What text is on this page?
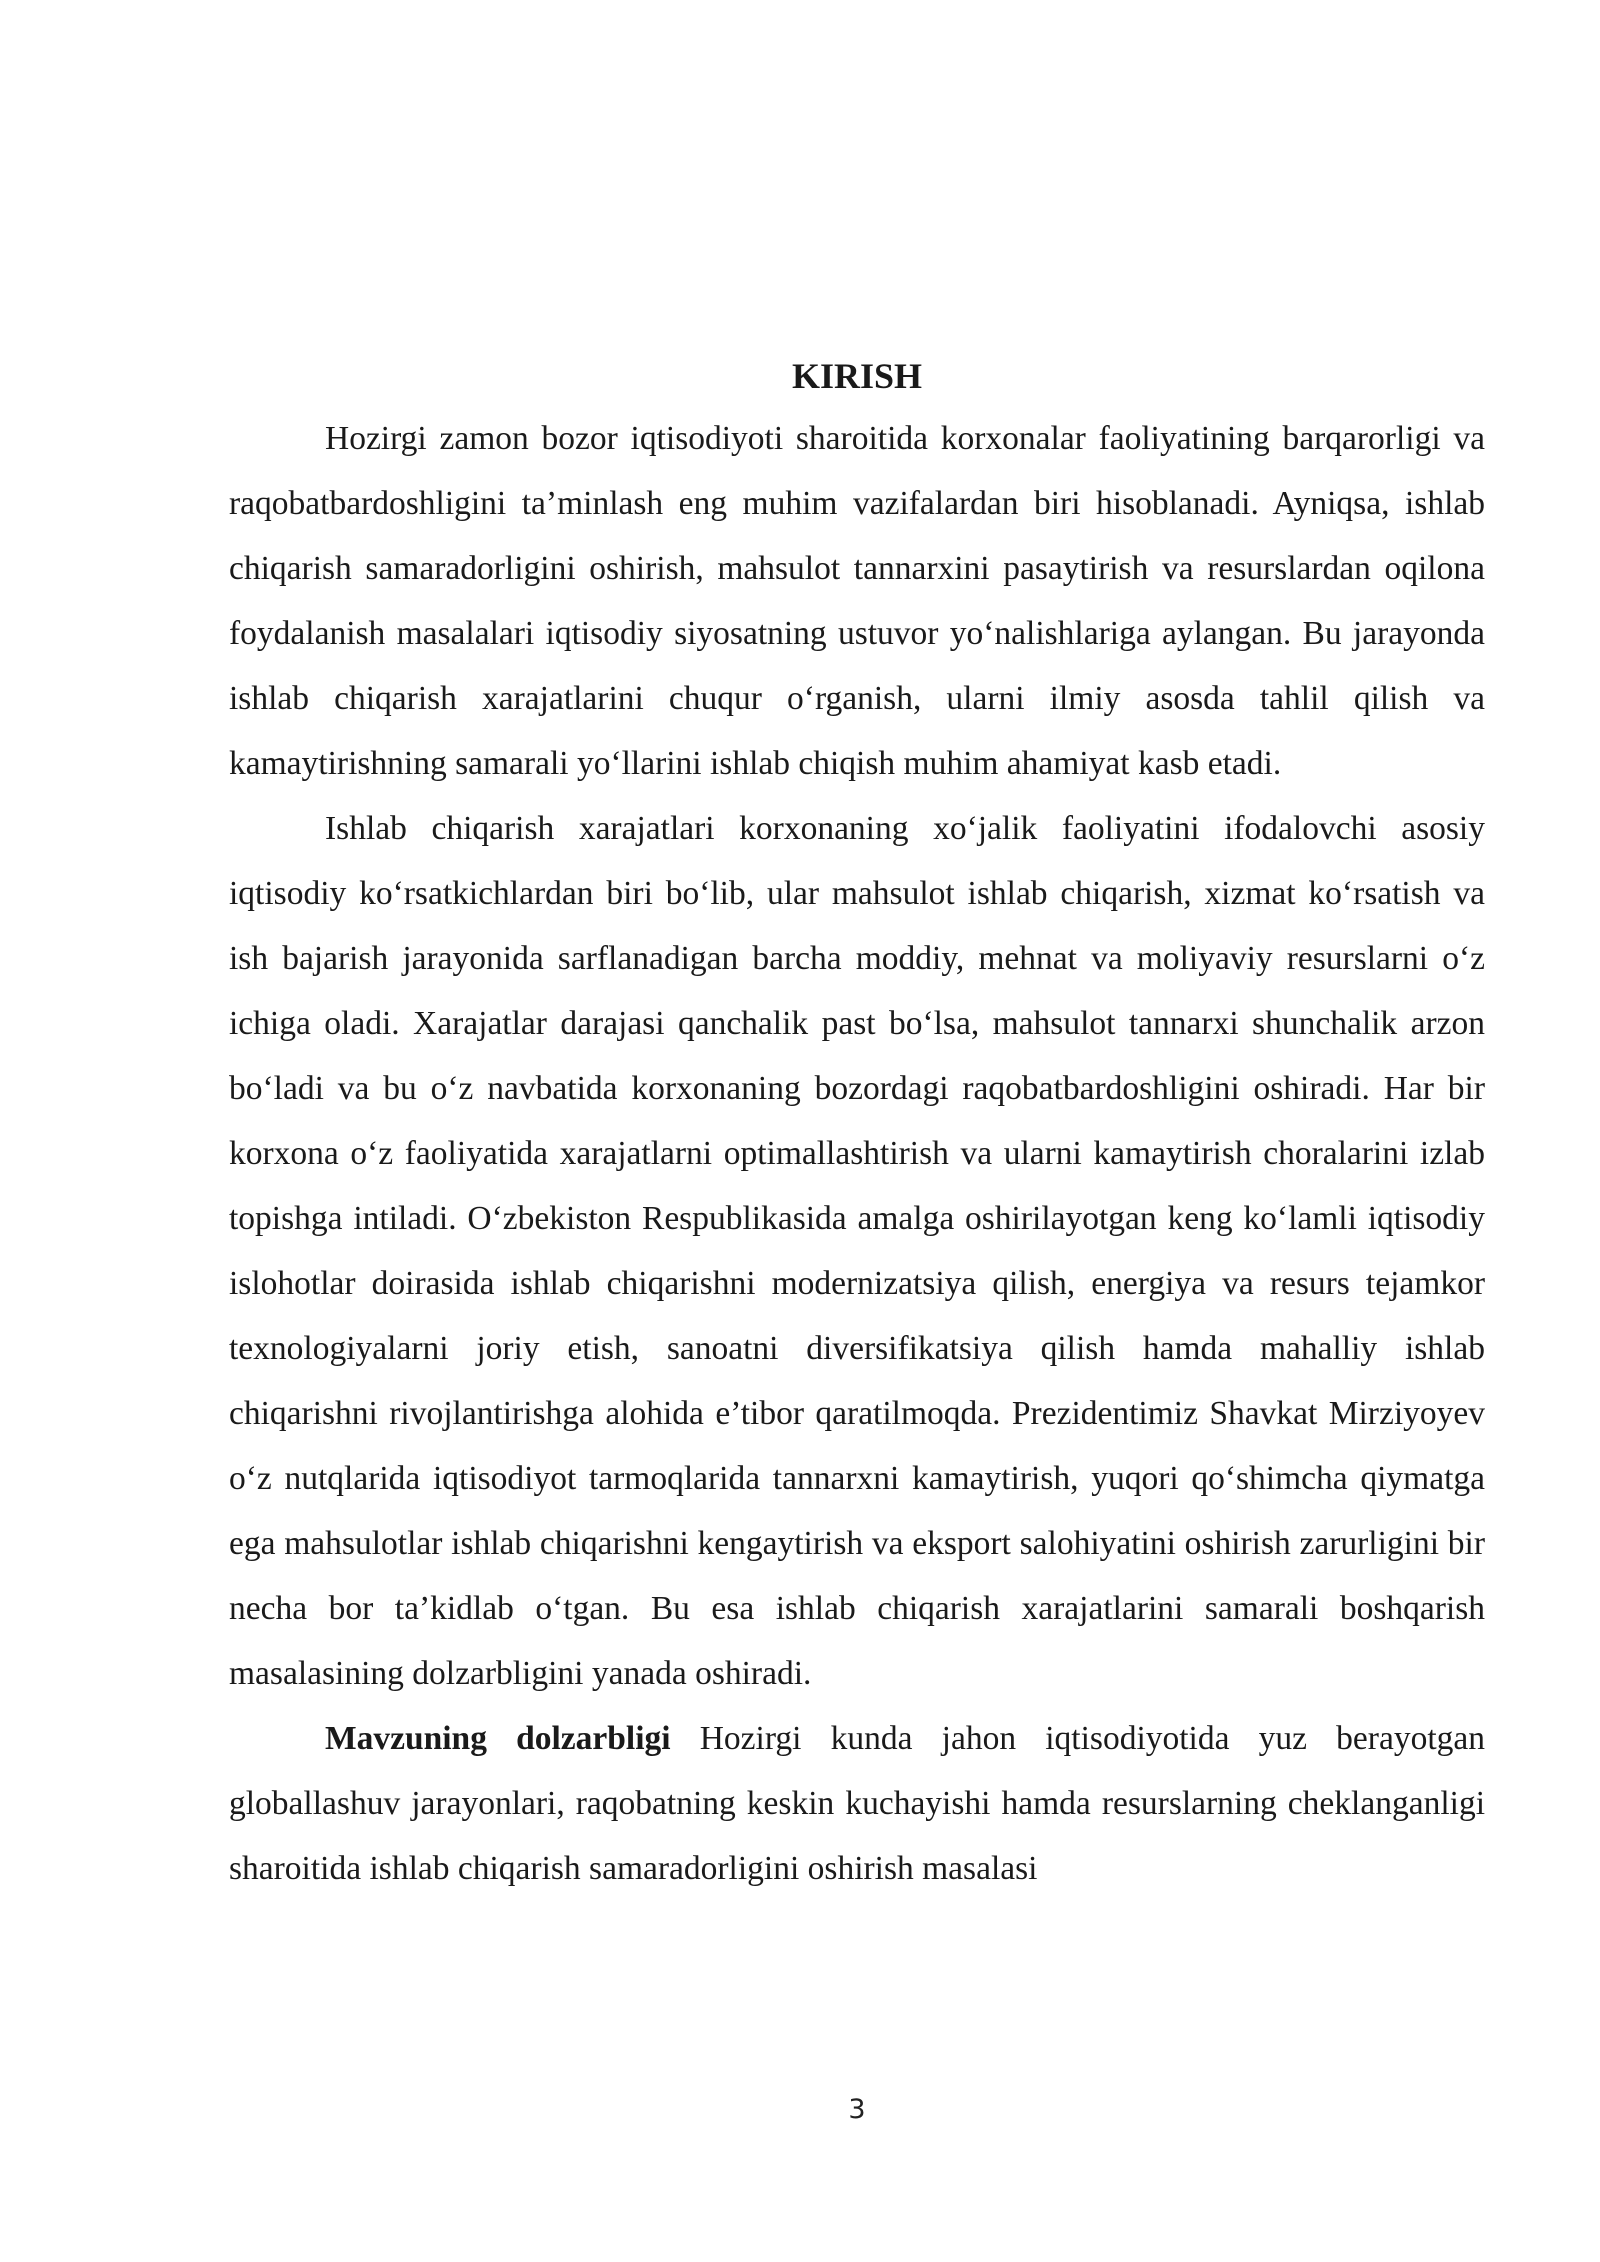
KIRISH

Hozirgi zamon bozor iqtisodiyoti sharoitida korxonalar faoliyatining barqarorligi va raqobatbardoshligini ta’minlash eng muhim vazifalardan biri hisoblanadi. Ayniqsa, ishlab chiqarish samaradorligini oshirish, mahsulot tannarxini pasaytirish va resurslardan oqilona foydalanish masalalari iqtisodiy siyosatning ustuvor yo‘nalishlariga aylangan. Bu jarayonda ishlab chiqarish xarajatlarini chuqur o‘rganish, ularni ilmiy asosda tahlil qilish va kamaytirishning samarali yo‘llarini ishlab chiqish muhim ahamiyat kasb etadi.

Ishlab chiqarish xarajatlari korxonaning xo‘jalik faoliyatini ifodalovchi asosiy iqtisodiy ko‘rsatkichlardan biri bo‘lib, ular mahsulot ishlab chiqarish, xizmat ko‘rsatish va ish bajarish jarayonida sarflanadigan barcha moddiy, mehnat va moliyaviy resurslarni o‘z ichiga oladi. Xarajatlar darajasi qanchalik past bo‘lsa, mahsulot tannarxi shunchalik arzon bo‘ladi va bu o‘z navbatida korxonaning bozordagi raqobatbardoshligini oshiradi. Har bir korxona o‘z faoliyatida xarajatlarni optimallashtirish va ularni kamaytirish choralarini izlab topishga intiladi. O‘zbekiston Respublikasida amalga oshirilayotgan keng ko‘lamli iqtisodiy islohotlar doirasida ishlab chiqarishni modernizatsiya qilish, energiya va resurs tejamkor texnologiyalarni joriy etish, sanoatni diversifikatsiya qilish hamda mahalliy ishlab chiqarishni rivojlantirishga alohida e’tibor qaratilmoqda. Prezidentimiz Shavkat Mirziyoyev o‘z nutqlarida iqtisodiyot tarmoqlarida tannarxni kamaytirish, yuqori qo‘shimcha qiymatga ega mahsulotlar ishlab chiqarishni kengaytirish va eksport salohiyatini oshirish zarurligini bir necha bor ta’kidlab o‘tgan. Bu esa ishlab chiqarish xarajatlarini samarali boshqarish masalasining dolzarbligini yanada oshiradi.

Mavzuning dolzarbligi Hozirgi kunda jahon iqtisodiyotida yuz berayotgan globallashuv jarayonlari, raqobatning keskin kuchayishi hamda resurslarning cheklanganligi sharoitida ishlab chiqarish samaradorligini oshirish masalasi

3
